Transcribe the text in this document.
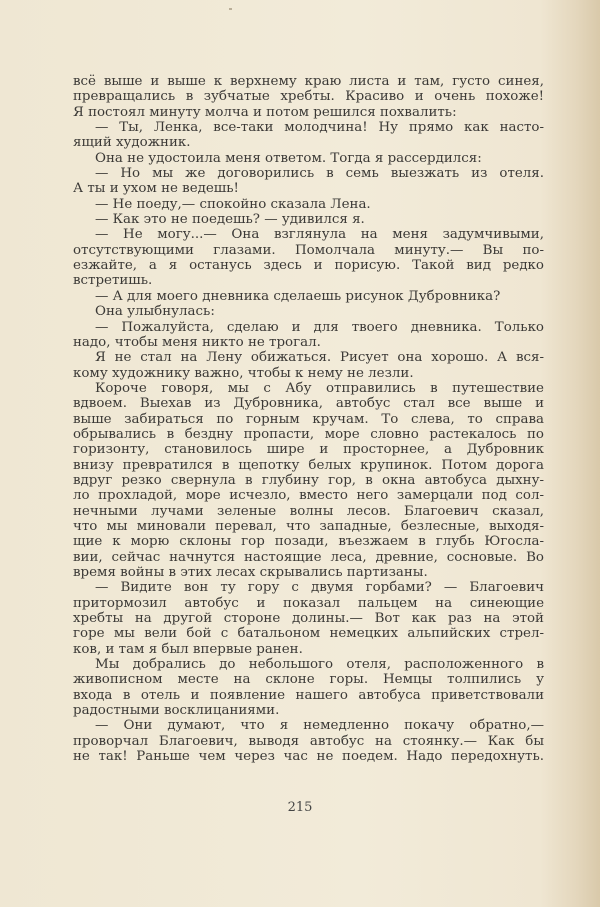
всё выше и выше к верхнему краю листа и там, густо синея,
превращались в зубчатые хребты. Красиво и очень похоже!
Я постоял минуту молча и потом решился похвалить:
— Ты, Ленка, все-таки молодчина! Ну прямо как насто-
ящий художник.
Она не удостоила меня ответом. Тогда я рассердился:
— Но мы же договорились в семь выезжать из отеля.
А ты и ухом не ведешь!
— Не поеду,— спокойно сказала Лена.
— Как это не поедешь? — удивился я.
— Не могу...— Она взглянула на меня задумчивыми,
отсутствующими глазами. Помолчала минуту.— Вы по-
езжайте, а я останусь здесь и порисую. Такой вид редко
встретишь.
— А для моего дневника сделаешь рисунок Дубровника?
Она улыбнулась:
— Пожалуйста, сделаю и для твоего дневника. Только
надо, чтобы меня никто не трогал.
Я не стал на Лену обижаться. Рисует она хорошо. А вся-
кому художнику важно, чтобы к нему не лезли.
Короче говоря, мы с Абу отправились в путешествие
вдвоем. Выехав из Дубровника, автобус стал все выше и
выше забираться по горным кручам. То слева, то справа
обрывались в бездну пропасти, море словно растекалось по
горизонту, становилось шире и просторнее, а Дубровник
внизу превратился в щепотку белых крупинок. Потом дорога
вдруг резко свернула в глубину гор, в окна автобуса дыхну-
ло прохладой, море исчезло, вместо него замерцали под сол-
нечными лучами зеленые волны лесов. Благоевич сказал,
что мы миновали перевал, что западные, безлесные, выходя-
щие к морю склоны гор позади, въезжаем в глубь Югосла-
вии, сейчас начнутся настоящие леса, древние, сосновые. Во
время войны в этих лесах скрывались партизаны.
— Видите вон ту гору с двумя горбами? — Благоевич
притормозил автобус и показал пальцем на синеющие
хребты на другой стороне долины.— Вот как раз на этой
горе мы вели бой с батальоном немецких альпийских стрел-
ков, и там я был впервые ранен.
Мы добрались до небольшого отеля, расположенного в
живописном месте на склоне горы. Немцы толпились у
входа в отель и появление нашего автобуса приветствовали
радостными восклицаниями.
— Они думают, что я немедленно покачу обратно,—
проворчал Благоевич, выводя автобус на стоянку.— Как бы
не так! Раньше чем через час не поедем. Надо передохнуть.
215
